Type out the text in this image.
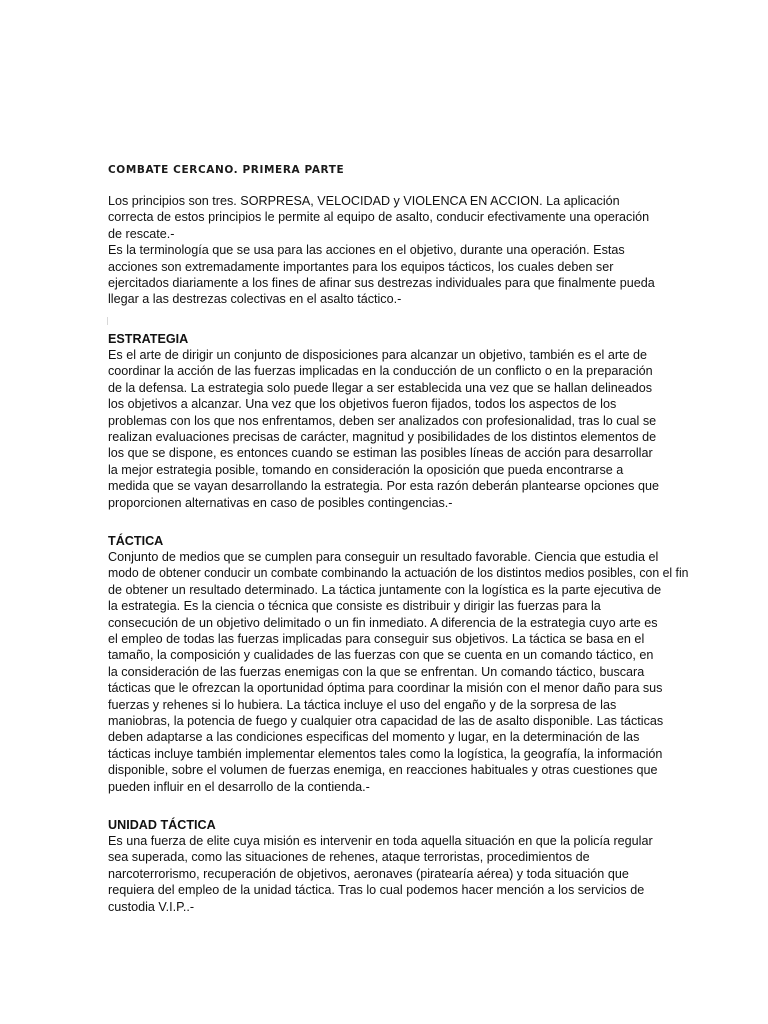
COMBATE CERCANO. PRIMERA PARTE
Los principios son tres. SORPRESA, VELOCIDAD y VIOLENCA EN ACCION. La aplicación
correcta de estos principios le permite al equipo de asalto, conducir efectivamente una operación
de rescate.-
Es la terminología que se usa para las acciones en el objetivo, durante una operación. Estas
acciones son extremadamente importantes para los equipos tácticos, los cuales deben ser
ejercitados diariamente a los fines de afinar sus destrezas individuales para que finalmente pueda
llegar a las destrezas colectivas en el asalto táctico.-
ESTRATEGIA
Es el arte de dirigir un conjunto de disposiciones para alcanzar un objetivo, también es el arte de
coordinar la acción de las fuerzas implicadas en la conducción de un conflicto o en la preparación
de la defensa. La estrategia solo puede llegar a ser establecida una vez que se hallan delineados
los objetivos a alcanzar. Una vez que los objetivos fueron fijados, todos los aspectos de los
problemas con los que nos enfrentamos, deben ser analizados con profesionalidad, tras lo cual se
realizan evaluaciones precisas de carácter, magnitud y posibilidades de los distintos elementos de
los que se dispone, es entonces cuando se estiman las posibles líneas de acción para desarrollar
la mejor estrategia posible, tomando en consideración la oposición que pueda encontrarse a
medida que se vayan desarrollando la estrategia. Por esta razón deberán plantearse opciones que
proporcionen alternativas en caso de posibles contingencias.-
TÁCTICA
Conjunto de medios que se cumplen para conseguir un resultado favorable. Ciencia que estudia el
modo de obtener conducir un combate combinando la actuación de los distintos medios posibles, con el fin
de obtener un resultado determinado. La táctica juntamente con la logística es la parte ejecutiva de
la estrategia. Es la ciencia o técnica que consiste es distribuir y dirigir las fuerzas para la
consecución de un objetivo delimitado o un fin inmediato. A diferencia de la estrategia cuyo arte es
el empleo de todas las fuerzas implicadas para conseguir sus objetivos. La táctica se basa en el
tamaño, la composición y cualidades de las fuerzas con que se cuenta en un comando táctico, en
la consideración de las fuerzas enemigas con la que se enfrentan. Un comando táctico, buscara
tácticas que le ofrezcan la oportunidad óptima para coordinar la misión con el menor daño para sus
fuerzas y rehenes si lo hubiera. La táctica incluye el uso del engaño y de la sorpresa de las
maniobras, la potencia de fuego y cualquier otra capacidad de las de asalto disponible. Las tácticas
deben adaptarse a las condiciones especificas del momento y lugar, en la determinación de las
tácticas incluye también implementar elementos tales como la logística, la geografía, la información
disponible, sobre el volumen de fuerzas enemiga, en reacciones habituales y otras cuestiones que
pueden influir en el desarrollo de la contienda.-
UNIDAD TÁCTICA
Es una fuerza de elite cuya misión es intervenir en toda aquella situación en que la policía regular
sea superada, como las situaciones de rehenes, ataque terroristas, procedimientos de
narcoterrorismo, recuperación de objetivos, aeronaves (piratearía aérea) y toda situación que
requiera del empleo de la unidad táctica. Tras lo cual podemos hacer mención a los servicios de
custodia V.I.P..-
